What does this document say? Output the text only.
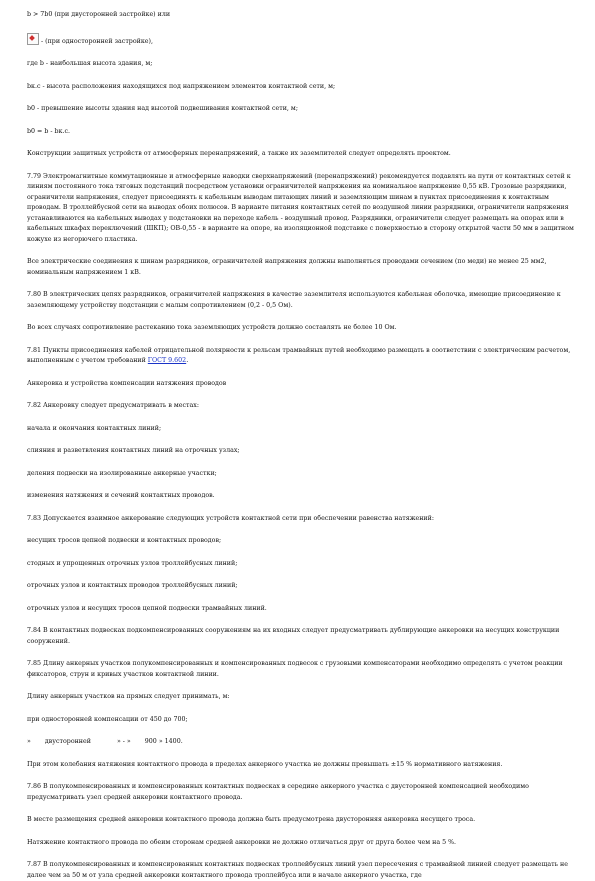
b > 7b0 (при двусторонней застройке) или

- (при односторонней застройке),

где b - наибольшая высота здания, м;

bк.с - высота расположения находящихся под напряжением элементов контактной сети, м;

b0 - превышение высоты здания над высотой подвешивания контактной сети, м;

b0 = b - bк.с.

Конструкции защитных устройств от атмосферных перенапряжений, а также их заземлителей следует определять проектом.

7.79 Электромагнитные коммутационные и атмосферные наводки сверхнапряжений (перенапряжений) рекомендуется подавлять на пути от контактных сетей к линиям постоянного тока тяговых подстанций посредством установки ограничителей напряжения на номинальное напряжение 0,55 кВ. Грозовые разрядники, ограничители напряжения, следует присоединять к кабельным выводам питающих линий и заземляющим шинам в пунктах присоединения к контактным проводам. В троллейбусной сети на выводах обоих полюсов. В варианте питания контактных сетей по воздушной линии разрядники, ограничители напряжения устанавливаются на кабельных выводах у подстановки на переходе кабель - воздушный провод. Разрядники, ограничители следует размещать на опорах или в кабельных шкафах переключений (ШКП); ОВ-0,55 - в варианте на опоре, на изоляционной подставке с поверхностью в сторону открытой части 50 мм в защитном кожухе из негорючего пластика.

Все электрические соединения к шинам разрядников, ограничителей напряжения должны выполняться проводами сечением (по меди) не менее 25 мм2, номинальным напряжением 1 кВ.

7.80 В электрических цепях разрядников, ограничителей напряжения в качестве заземлителя используются кабельная оболочка, имеющие присоединение к заземляющему устройству подстанции с малым сопротивлением (0,2 - 0,5 Ом).

Во всех случаях сопротивление растеканию тока заземляющих устройств должно составлять не более 10 Ом.

7.81 Пункты присоединения кабелей отрицательной полярности к рельсам трамвайных путей необходимо размещать в соответствии с электрическим расчетом, выполненным с учетом требований ГОСТ 9.602.

Анкеровка и устройства компенсации натяжения проводов

7.82 Анкеровку следует предусматривать в местах:

начала и окончания контактных линий;

слияния и разветвления контактных линий на отрочных узлах;

деления подвески на изолированные анкерные участки;

изменения натяжения и сечений контактных проводов.

7.83 Допускается взаимное анкерование следующих устройств контактной сети при обеспечении равенства натяжений:

несущих тросов цепной подвески и контактных проводов;

стодных и упрощенных отрочных узлов троллейбусных линий;

отрочных узлов и контактных проводов троллейбусных линий;

отрочных узлов и несущих тросов цепной подвески трамвайных линий.

7.84 В контактных подвесках подкомпенсированных сооружениям на их входных следует предусматривать дублирующие анкеровки на несущих конструкции сооружений.

7.85 Длину анкерных участков полукомпенсированных и компенсированных подвесок с грузовыми компенсаторами необходимо определять с учетом реакции фиксаторов, струн и кривых участков контактной линии.

Длину анкерных участков на прямых следует принимать, м:

при односторонней компенсации от 450 до 700;

»       двусторонней             » - »       900 » 1400.

При этом колебания натяжения контактного провода в пределах анкерного участка не должны превышать ±15 % нормативного натяжения.

7.86 В полукомпенсированных и компенсированных контактных подвесках в середине анкерного участка с двусторонней компенсацией необходимо предусматривать узел средней анкеровки контактного провода.

В месте размещения средней анкеровки контактного провода должна быть предусмотрена двусторонняя анкеровка несущего троса.

Натяжение контактного провода по обеим сторонам средней анкеровки не должно отличаться друг от друга более чем на 5 %.

7.87 В полукомпенсированных и компенсированных контактных подвесках троллейбусных линий узел пересечения с трамвайной линией следует размещать не далее чем за 50 м от узла средней анкеровки контактного провода троллейбуса или в начале анкерного участка, где
